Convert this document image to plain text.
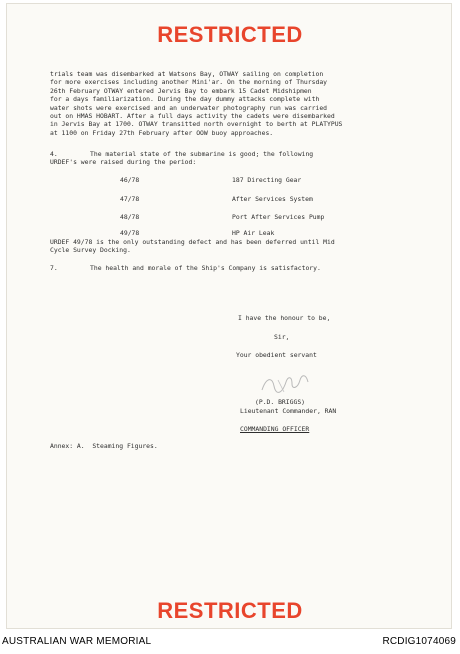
RESTRICTED
trials team was disembarked at Watsons Bay, OTWAY sailing on completion
for more exercises including another Mini'ar. On the morning of Thursday
26th February OTWAY entered Jervis Bay to embark 15 Cadet Midshipmen
for a days familiarization. During the day dummy attacks complete with
water shots were exercised and an underwater photography run was carried
out on HMAS HOBART. After a full days activity the cadets were disembarked
in Jervis Bay at 1700. OTWAY transitted north overnight to berth at PLATYPUS
at 1100 on Friday 27th February after OOW buoy approaches.
4.	The material state of the submarine is good; the following
URDEF's were raised during the period:
46/78	187 Directing Gear
47/78	After Services System
48/78	Port After Services Pump
49/78	HP Air Leak
URDEF 49/78 is the only outstanding defect and has been deferred until Mid
Cycle Survey Docking.
7.	The health and morale of the Ship's Company is satisfactory.
I have the honour to be,
Sir,
Your obedient servant
(P.D. BRIGGS)
Lieutenant Commander, RAN
COMMANDING OFFICER
Annex: A.  Steaming Figures.
RESTRICTED
AUSTRALIAN WAR MEMORIAL	RCDIG1074069
